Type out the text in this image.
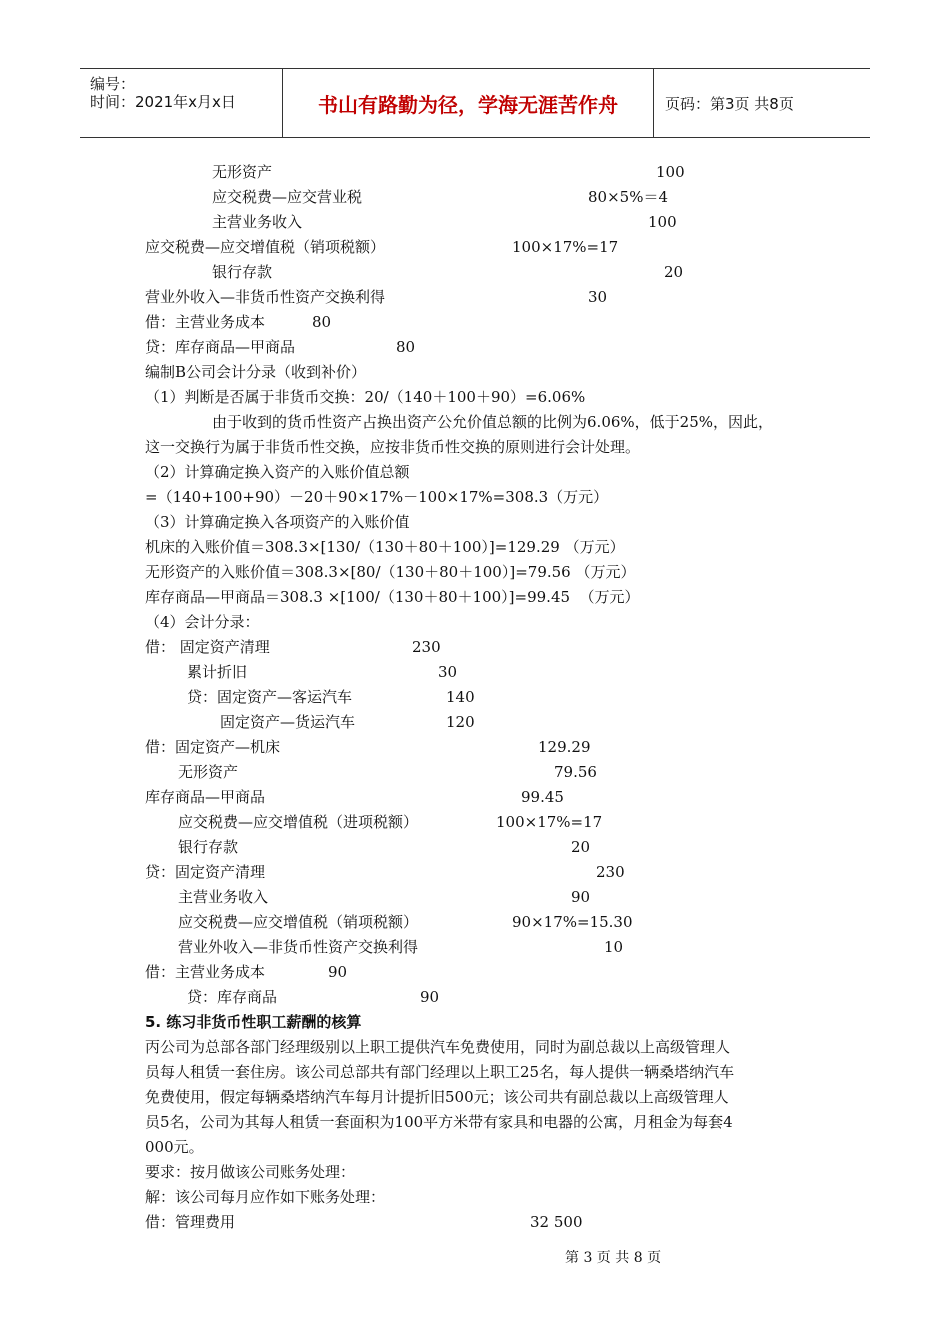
编号：
时间：2021年x月x日	书山有路勤为径，学海无涯苦作舟	页码：第3页 共8页
无形资产	100
应交税费—应交营业税	80×5%＝4
主营业务收入	100
应交税费—应交增值税（销项税额）	100×17%=17
银行存款	20
营业外收入—非货币性资产交换利得	30
借：主营业务成本	80
贷：库存商品—甲商品	80
编制B公司会计分录（收到补价）
（1）判断是否属于非货币交换：20/（140＋100＋90）=6.06%
由于收到的货币性资产占换出资产公允价值总额的比例为6.06%，低于25%，因此，
这一交换行为属于非货币性交换，应按非货币性交换的原则进行会计处理。
（2）计算确定换入资产的入账价值总额
=（140+100+90）－20＋90×17%－100×17%=308.3（万元）
（3）计算确定换入各项资产的入账价值
机床的入账价值＝308.3×[130/（130＋80＋100）]=129.29 （万元）
无形资产的入账价值＝308.3×[80/（130＋80＋100）]=79.56 （万元）
库存商品—甲商品＝308.3 ×[100/（130＋80＋100）]=99.45  （万元）
（4）会计分录：
借： 固定资产清理	230
累计折旧	30
贷：固定资产—客运汽车	140
固定资产—货运汽车	120
借：固定资产—机床	129.29
无形资产	79.56
库存商品—甲商品	99.45
应交税费—应交增值税（进项税额）	100×17%=17
银行存款	20
贷：固定资产清理	230
主营业务收入	90
应交税费—应交增值税（销项税额）	90×17%=15.30
营业外收入—非货币性资产交换利得	10
借：主营业务成本	90
贷：库存商品	90
5. 练习非货币性职工薪酬的核算
丙公司为总部各部门经理级别以上职工提供汽车免费使用，同时为副总裁以上高级管理人
员每人租赁一套住房。该公司总部共有部门经理以上职工25名，每人提供一辆桑塔纳汽车
免费使用，假定每辆桑塔纳汽车每月计提折旧500元；该公司共有副总裁以上高级管理人
员5名，公司为其每人租赁一套面积为100平方米带有家具和电器的公寓，月租金为每套4
000元。
要求：按月做该公司账务处理：
解：该公司每月应作如下账务处理：
借：管理费用	32 500
第 3 页 共 8 页
